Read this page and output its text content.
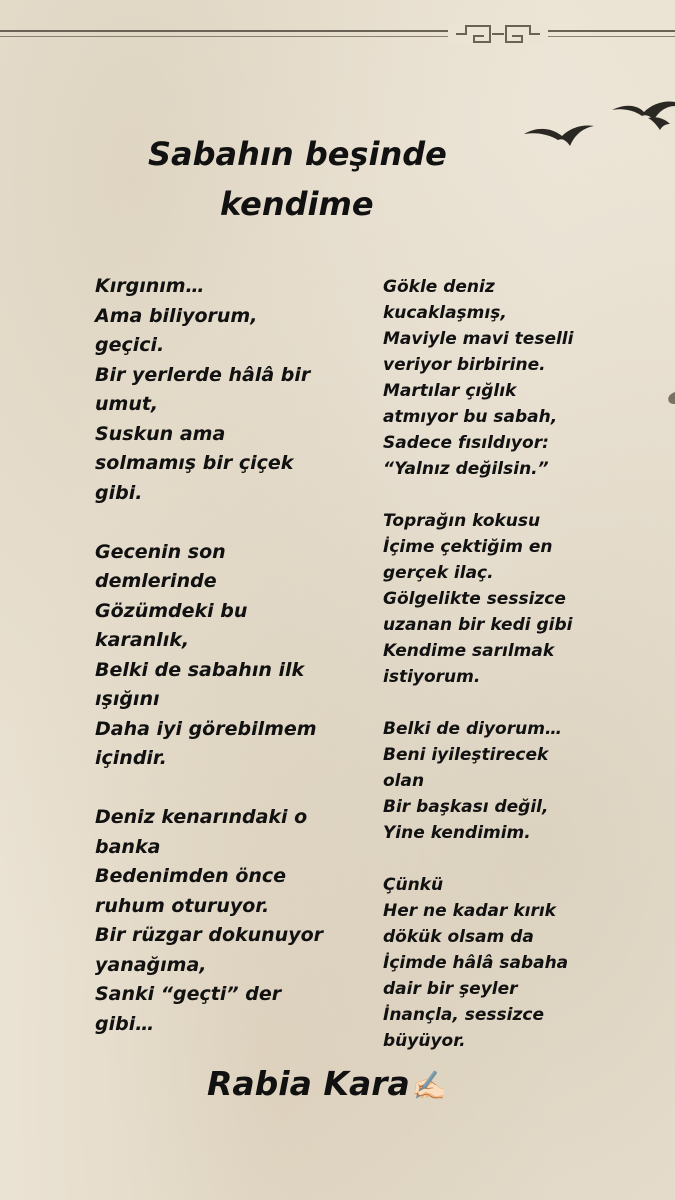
Sabahın beşinde
kendime
Kırgınım…
Ama biliyorum,
geçici.
Bir yerlerde hâlâ bir
umut,
Suskun ama
solmamış bir çiçek
gibi.
Gecenin son
demlerinde
Gözümdeki bu
karanlık,
Belki de sabahın ilk
ışığını
Daha iyi görebilmem
içindir.
Deniz kenarındaki o
banka
Bedenimden önce
ruhum oturuyor.
Bir rüzgar dokunuyor
yanağıma,
Sanki “geçti” der
gibi…
Gökle deniz
kucaklaşmış,
Maviyle mavi teselli
veriyor birbirine.
Martılar çığlık
atmıyor bu sabah,
Sadece fısıldıyor:
“Yalnız değilsin.”
Toprağın kokusu
İçime çektiğim en
gerçek ilaç.
Gölgelikte sessizce
uzanan bir kedi gibi
Kendime sarılmak
istiyorum.
Belki de diyorum…
Beni iyileştirecek
olan
Bir başkası değil,
Yine kendimim.
Çünkü
Her ne kadar kırık
dökük olsam da
İçimde hâlâ sabaha
dair bir şeyler
İnançla, sessizce
büyüyor.
Rabia Kara✍🏻
